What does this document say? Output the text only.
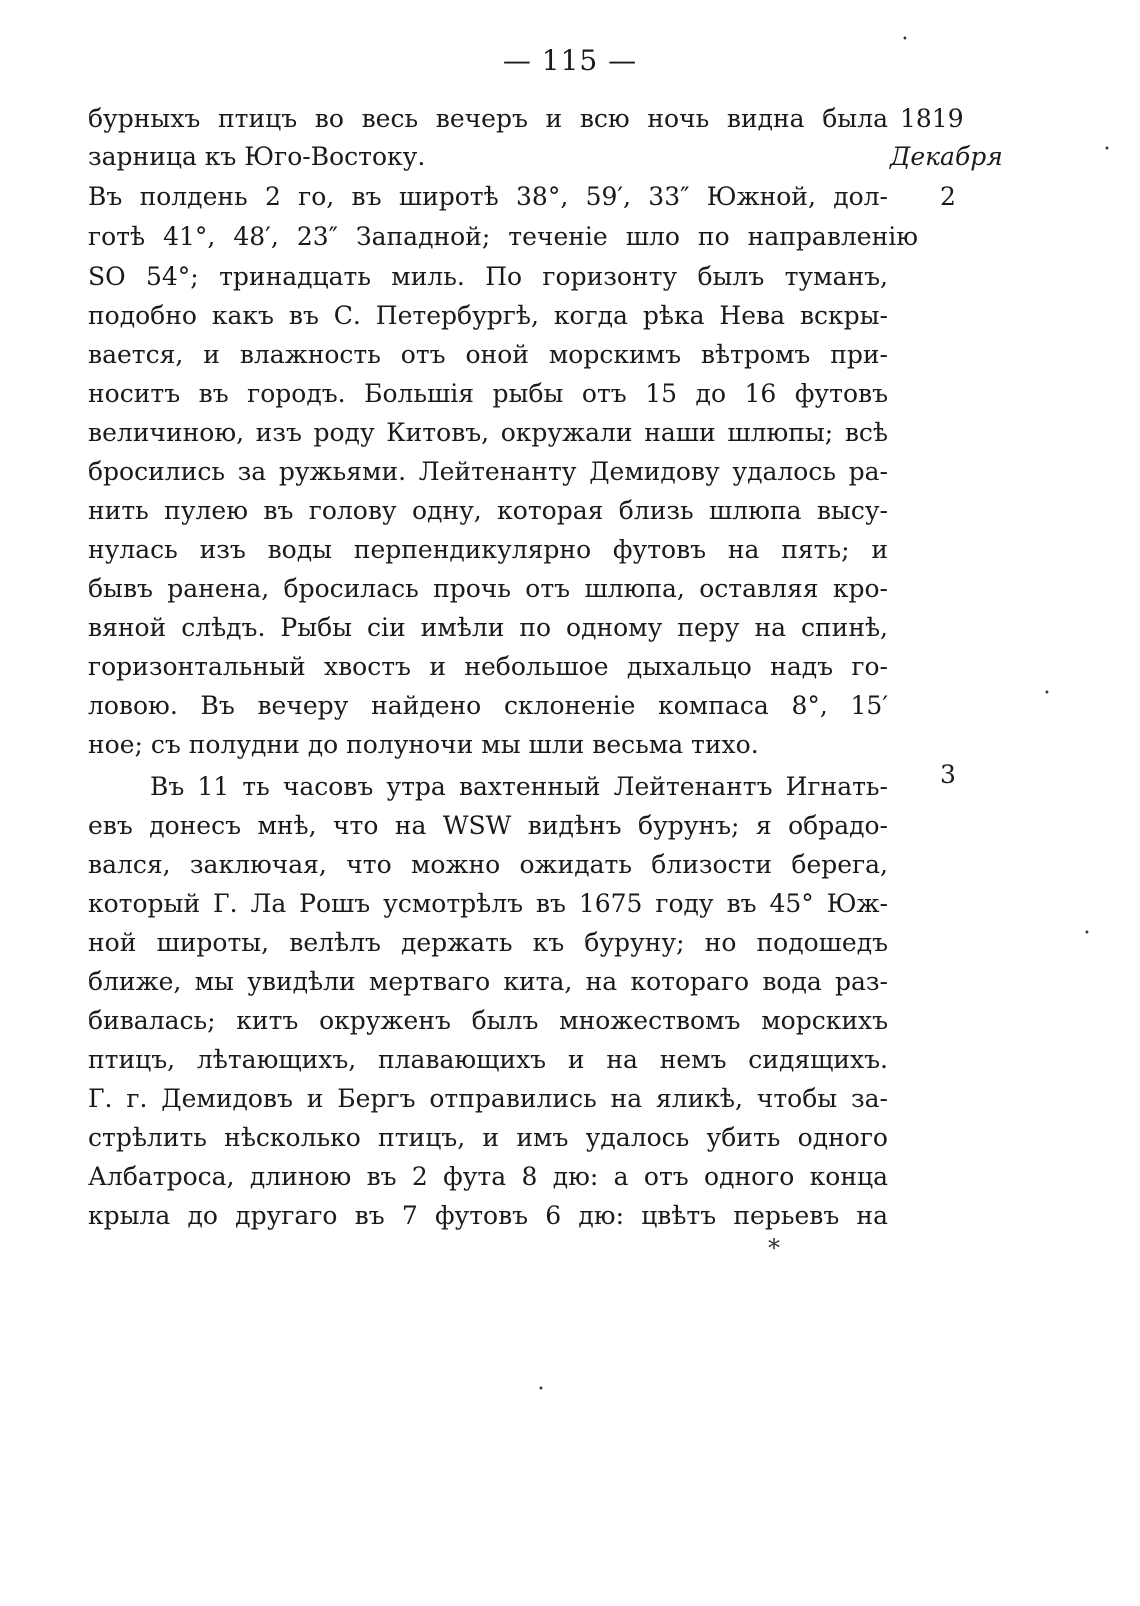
— 115 —
1819
Декабря
2
3
бурныхъ птицъ во весь вечеръ и всю ночь видна была
зарница къ Юго-Востоку.
Въ полдень 2 го, въ широтѣ 38°, 59′, 33″ Южной, дол-
готѣ 41°, 48′, 23″ Западной; теченіе шло по направленію
SO 54°; тринадцать миль. По горизонту былъ туманъ,
подобно какъ въ С. Петербургѣ, когда рѣка Нева вскры-
вается, и влажность отъ оной морскимъ вѣтромъ при-
носитъ въ городъ. Большія рыбы отъ 15 до 16 футовъ
величиною, изъ роду Китовъ, окружали наши шлюпы; всѣ
бросились за ружьями. Лейтенанту Демидову удалось ра-
нить пулею въ голову одну, которая близь шлюпа высу-
нулась изъ воды перпендикулярно футовъ на пять; и
бывъ ранена, бросилась прочь отъ шлюпа, оставляя кро-
вяной слѣдъ. Рыбы сіи имѣли по одному перу на спинѣ,
горизонтальный хвостъ и небольшое дыхальцо надъ го-
ловою. Въ вечеру найдено склоненіе компаса 8°, 15′
ное; съ полудни до полуночи мы шли весьма тихо.
Въ 11 ть часовъ утра вахтенный Лейтенантъ Игнать-
евъ донесъ мнѣ, что на WSW видѣнъ бурунъ; я обрадо-
вался, заключая, что можно ожидать близости берега,
который Г. Ла Рошъ усмотрѣлъ въ 1675 году въ 45° Юж-
ной широты, велѣлъ держать къ буруну; но подошедъ
ближе, мы увидѣли мертваго кита, на котораго вода раз-
бивалась; китъ окруженъ былъ множествомъ морскихъ
птицъ, лѣтающихъ, плавающихъ и на немъ сидящихъ.
Г. г. Демидовъ и Бергъ отправились на яликѣ, чтобы за-
стрѣлить нѣсколько птицъ, и имъ удалось убить одного
Албатроса, длиною въ 2 фута 8 дю: а отъ одного конца
крыла до другаго въ 7 футовъ 6 дю: цвѣтъ перьевъ на
*
•
•
•
•
•
